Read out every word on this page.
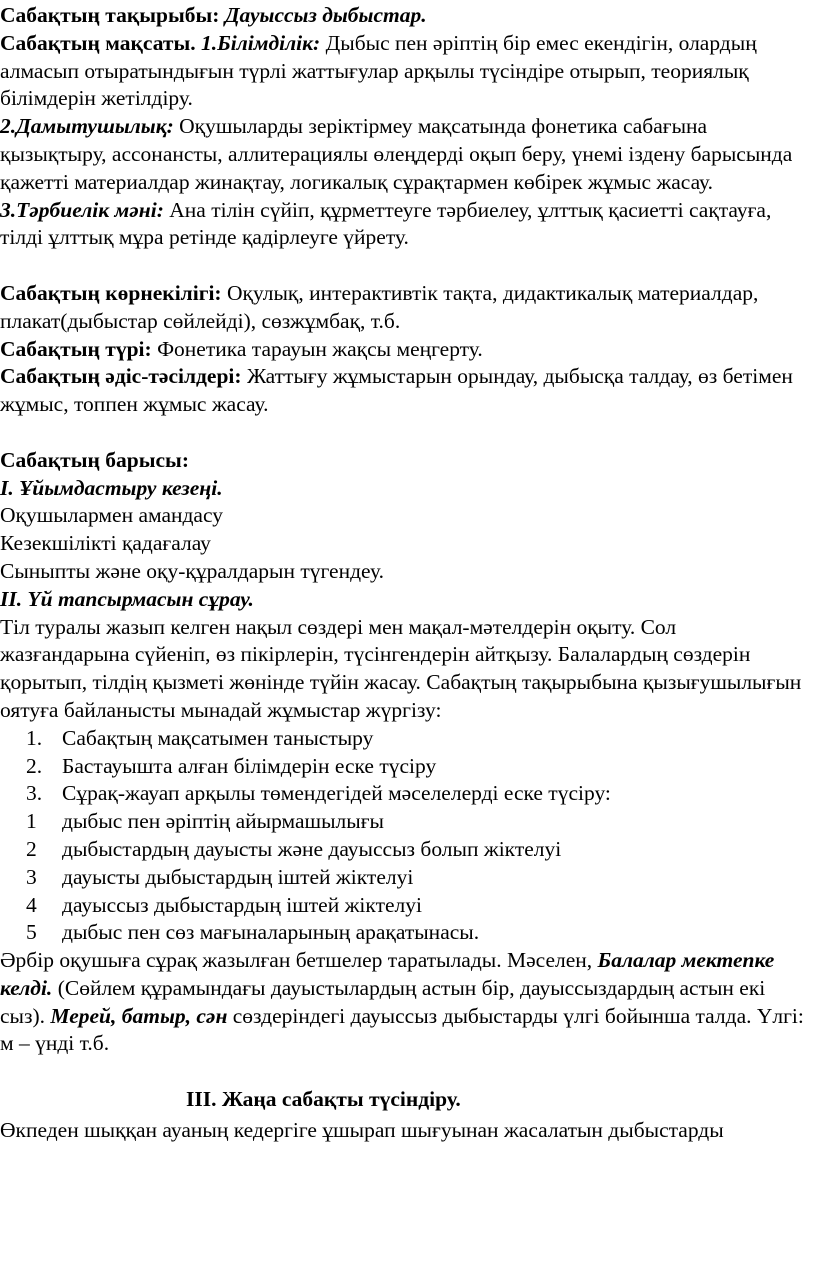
Сабақтың тақырыбы: Дауыссыз дыбыстар.

Сабақтың мақсаты. 1.Білімділік: Дыбыс пен әріптің бір емес екендігін, олардың алмасып отыратындығын түрлі жаттығулар арқылы түсіндіре отырып, теориялық білімдерін жетілдіру.

2.Дамытушылық: Оқушыларды зеріктірмеу мақсатында фонетика сабағына қызықтыру, ассонансты, аллитерациялы өлеңдерді оқып беру, үнемі іздену барысында қажетті материалдар жинақтау, логикалық сұрақтармен көбірек жұмыс жасау.

3.Тәрбиелік мәні: Ана тілін сүйіп, құрметтеуге тәрбиелеу, ұлттық қасиетті сақтауға, тілді ұлттық мұра ретінде қадірлеуге үйрету.

Сабақтың көрнекілігі: Оқулық, интерактивтік тақта, дидактикалық материалдар, плакат(дыбыстар сөйлейді), сөзжұмбақ, т.б.

Сабақтың түрі: Фонетика тарауын жақсы меңгерту.

Сабақтың әдіс-тәсілдері: Жаттығу жұмыстарын орындау, дыбысқа талдау, өз бетімен жұмыс, топпен жұмыс жасау.

Сабақтың барысы:

I. Ұйымдастыру кезеңі.

Оқушылармен амандасу

Кезекшілікті қадағалау

Сыныпты және оқу-құралдарын түгендеу.

II. Үй тапсырмасын сұрау.

Тіл туралы жазып келген нақыл сөздері мен мақал-мәтелдерін оқыту. Сол жазғандарына сүйеніп, өз пікірлерін, түсінгендерін айтқызу. Балалардың сөздерін қорытып, тілдің қызметі жөнінде түйін жасау. Сабақтың тақырыбына қызығушылығын оятуға байланысты мынадай жұмыстар жүргізу:

1. Сабақтың мақсатымен таныстыру
2. Бастауышта алған білімдерін еске түсіру
3. Сұрақ-жауап арқылы төмендегідей мәселелерді еске түсіру:
1	дыбыс пен әріптің айырмашылығы
2	дыбыстардың дауысты және дауыссыз болып жіктелуі
3	дауысты дыбыстардың іштей жіктелуі
4	дауыссыз дыбыстардың іштей жіктелуі
5	дыбыс пен сөз мағыналарының арақатынасы.

Әрбір оқушыға сұрақ жазылған бетшелер таратылады. Мәселен, Балалар мектепке келді. (Сөйлем құрамындағы дауыстылардың астын бір, дауыссыздардың астын екі сыз). Мерей, батыр, сән сөздеріндегі дауыссыз дыбыстарды үлгі бойынша талда. Үлгі: м – үнді т.б.

III. Жаңа сабақты түсіндіру.

Өкпеден шыққан ауаның кедергіге ұшырап шығуынан жасалатын дыбыстарды
